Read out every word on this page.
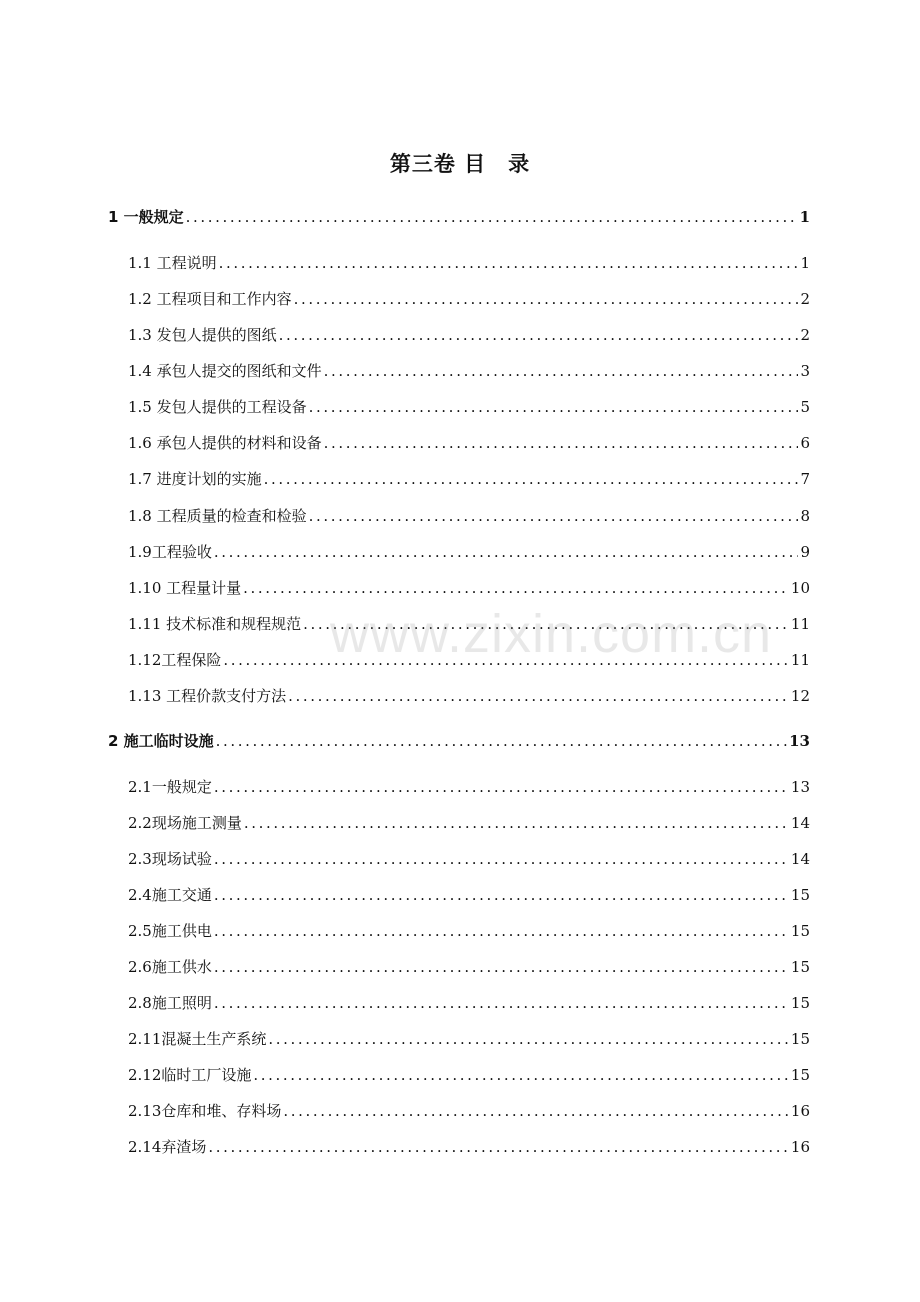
第三卷 目　录
1 一般规定 .....	1
1.1 工程说明 .....	1
1.2 工程项目和工作内容 .....	2
1.3 发包人提供的图纸 .....	2
1.4 承包人提交的图纸和文件 .....	3
1.5 发包人提供的工程设备 .....	5
1.6 承包人提供的材料和设备 .....	6
1.7 进度计划的实施 .....	7
1.8 工程质量的检查和检验 .....	8
1.9工程验收 .....	9
1.10 工程量计量 .....	10
1.11 技术标准和规程规范 .....	11
1.12工程保险 .....	11
1.13 工程价款支付方法 .....	12
2 施工临时设施 .....	13
2.1一般规定 .....	13
2.2现场施工测量 .....	14
2.3现场试验 .....	14
2.4施工交通 .....	15
2.5施工供电 .....	15
2.6施工供水 .....	15
2.8施工照明 .....	15
2.11混凝土生产系统 .....	15
2.12临时工厂设施 .....	15
2.13仓库和堆、存料场 .....	16
2.14弃渣场 .....	16
www.zixin.com.cn
